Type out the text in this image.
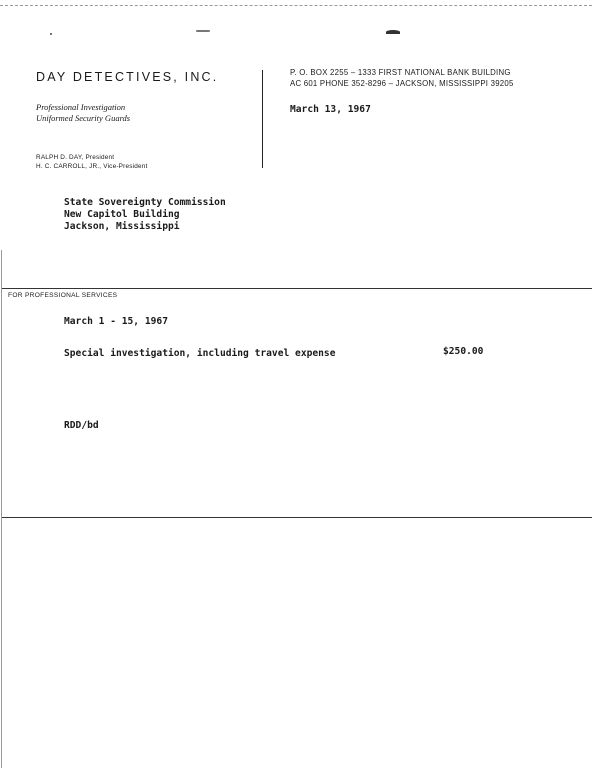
DAY DETECTIVES, INC.
Professional Investigation
Uniformed Security Guards
RALPH D. DAY, President
H. C. CARROLL, JR., Vice-President
P. O. BOX 2255 – 1333 FIRST NATIONAL BANK BUILDING
AC 601 PHONE 352-8296 – JACKSON, MISSISSIPPI 39205
March 13, 1967
State Sovereignty Commission
New Capitol Building
Jackson, Mississippi
FOR PROFESSIONAL SERVICES
March 1 - 15, 1967
Special investigation, including travel expense	$250.00
RDD/bd
